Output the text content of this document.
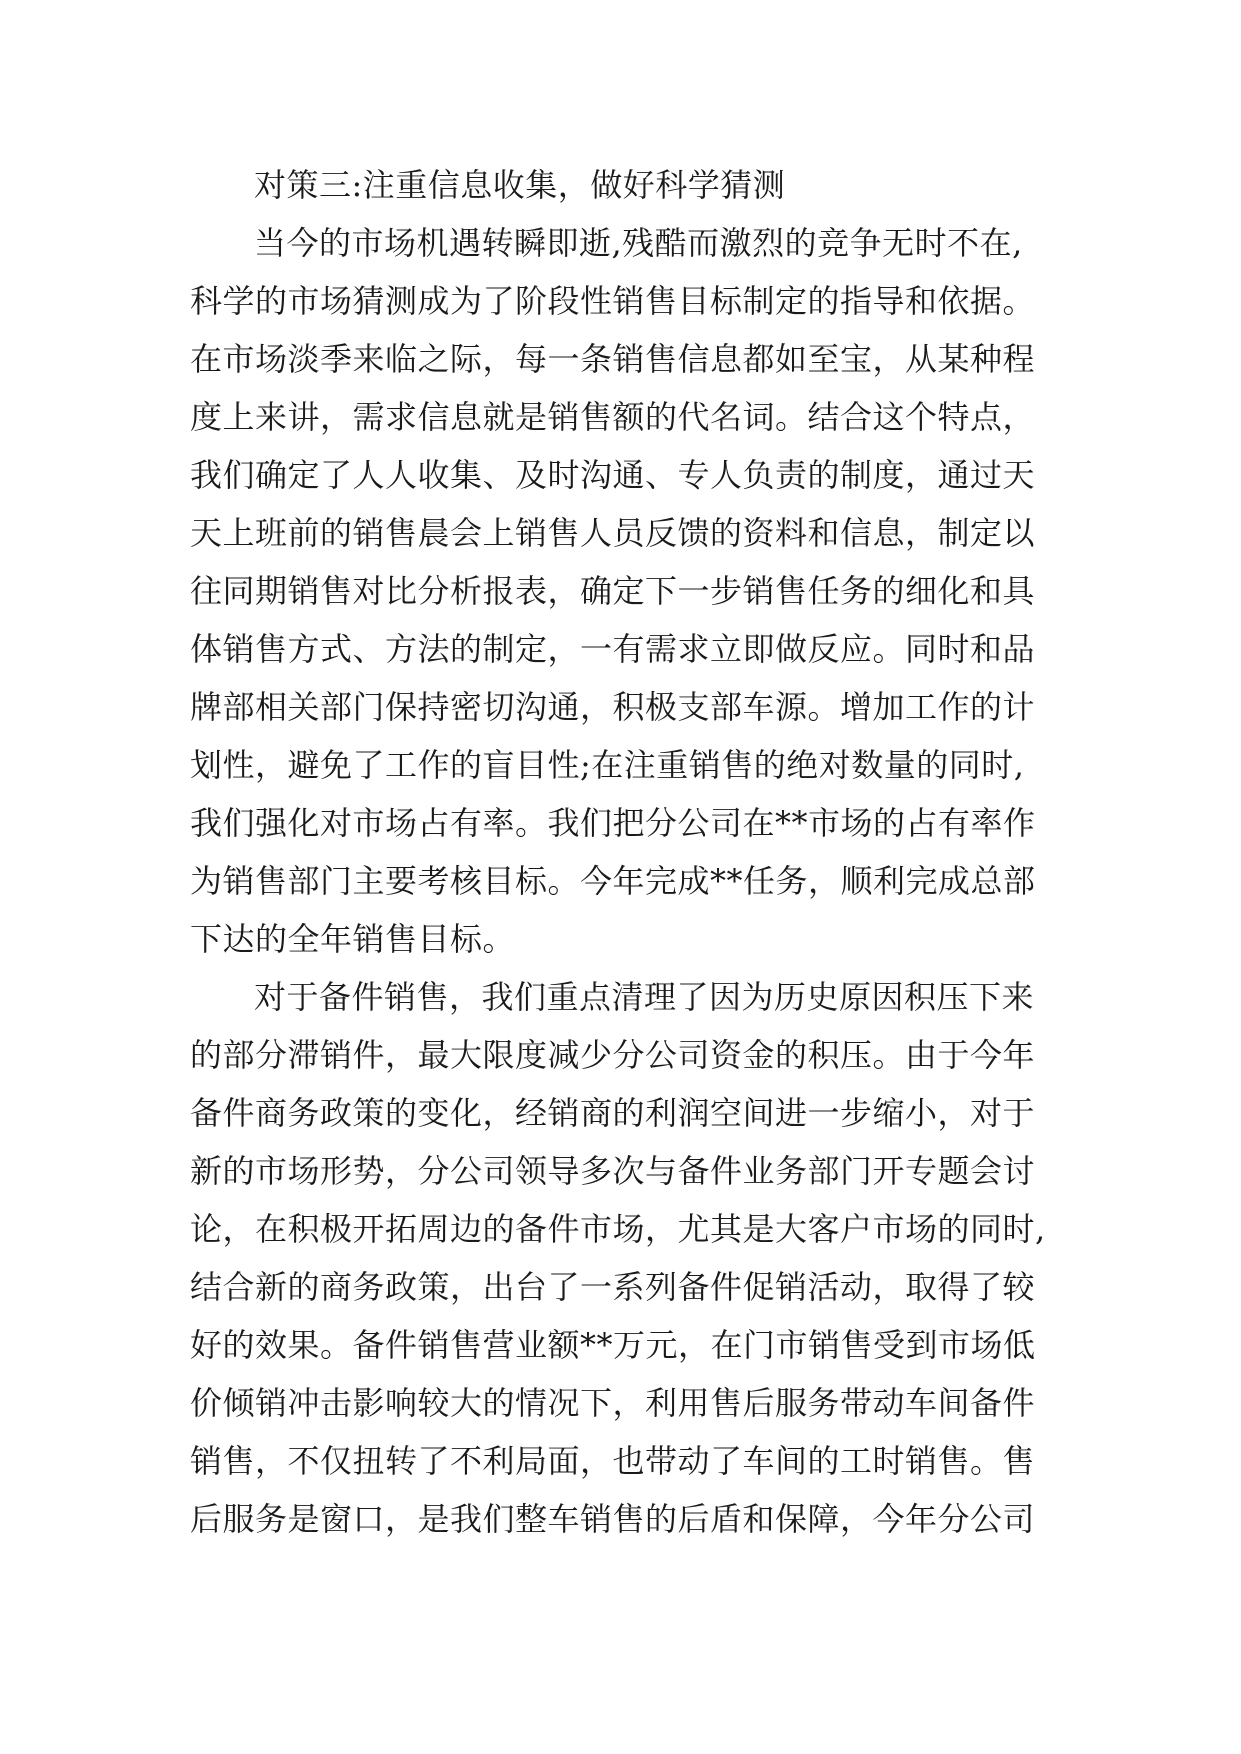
对策三:注重信息收集，做好科学猜测
当今的市场机遇转瞬即逝,残酷而激烈的竞争无时不在,
科学的市场猜测成为了阶段性销售目标制定的指导和依据。
在市场淡季来临之际，每一条销售信息都如至宝，从某种程
度上来讲，需求信息就是销售额的代名词。结合这个特点，
我们确定了人人收集、及时沟通、专人负责的制度，通过天
天上班前的销售晨会上销售人员反馈的资料和信息，制定以
往同期销售对比分析报表，确定下一步销售任务的细化和具
体销售方式、方法的制定，一有需求立即做反应。同时和品
牌部相关部门保持密切沟通，积极支部车源。增加工作的计
划性，避免了工作的盲目性;在注重销售的绝对数量的同时,
我们强化对市场占有率。我们把分公司在**市场的占有率作
为销售部门主要考核目标。今年完成**任务，顺利完成总部
下达的全年销售目标。
对于备件销售，我们重点清理了因为历史原因积压下来
的部分滞销件，最大限度减少分公司资金的积压。由于今年
备件商务政策的变化，经销商的利润空间进一步缩小，对于
新的市场形势，分公司领导多次与备件业务部门开专题会讨
论，在积极开拓周边的备件市场，尤其是大客户市场的同时,
结合新的商务政策，出台了一系列备件促销活动，取得了较
好的效果。备件销售营业额**万元，在门市销售受到市场低
价倾销冲击影响较大的情况下，利用售后服务带动车间备件
销售，不仅扭转了不利局面，也带动了车间的工时销售。售
后服务是窗口，是我们整车销售的后盾和保障，今年分公司
